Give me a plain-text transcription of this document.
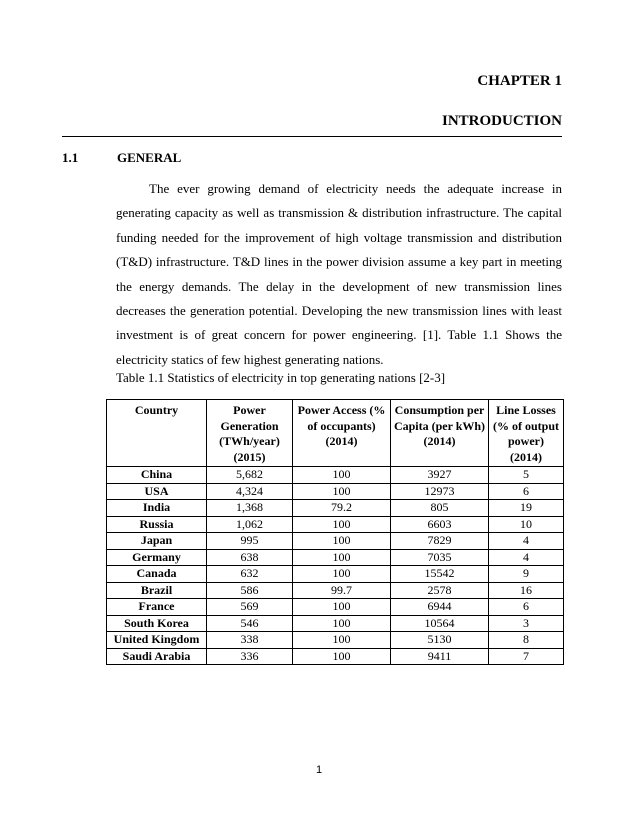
CHAPTER 1
INTRODUCTION
1.1	GENERAL

The ever growing demand of electricity needs the adequate increase in generating capacity as well as transmission & distribution infrastructure. The capital funding needed for the improvement of high voltage transmission and distribution (T&D) infrastructure. T&D lines in the power division assume a key part in meeting the energy demands. The delay in the development of new transmission lines decreases the generation potential. Developing the new transmission lines with least investment is of great concern for power engineering. [1]. Table 1.1 Shows the electricity statics of few highest generating nations.

Table 1.1 Statistics of electricity in top generating nations [2-3]

Country	Power Generation (TWh/year) (2015)	Power Access (% of occupants) (2014)	Consumption per Capita (per kWh) (2014)	Line Losses (% of output power) (2014)
China	5,682	100	3927	5
USA	4,324	100	12973	6
India	1,368	79.2	805	19
Russia	1,062	100	6603	10
Japan	995	100	7829	4
Germany	638	100	7035	4
Canada	632	100	15542	9
Brazil	586	99.7	2578	16
France	569	100	6944	6
South Korea	546	100	10564	3
United Kingdom	338	100	5130	8
Saudi Arabia	336	100	9411	7
1
